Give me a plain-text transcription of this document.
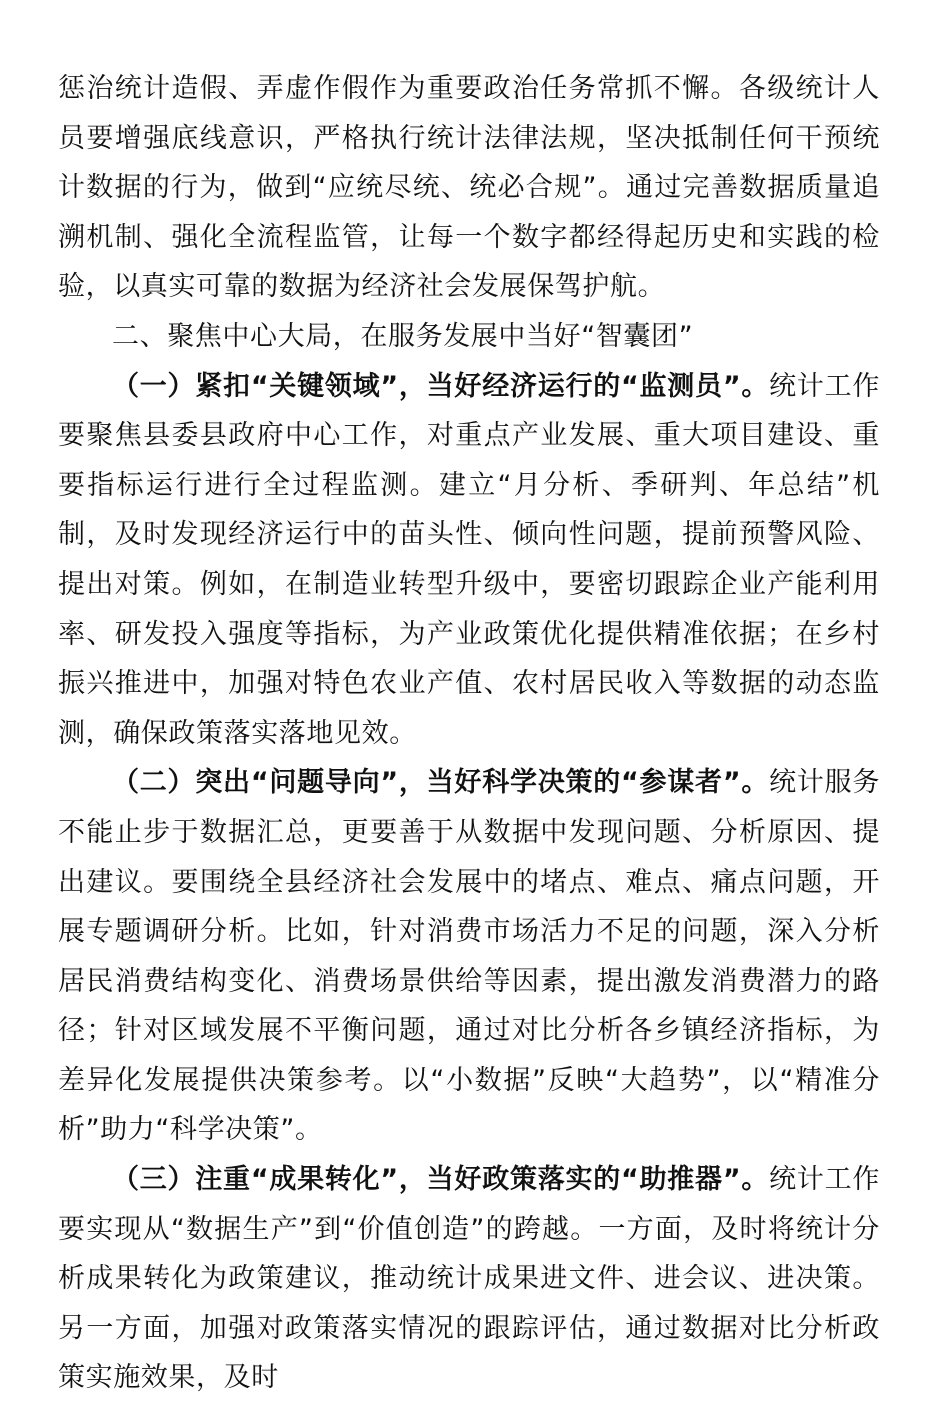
惩治统计造假、弄虚作假作为重要政治任务常抓不懈。各级统计人员要增强底线意识，严格执行统计法律法规，坚决抵制任何干预统计数据的行为，做到“应统尽统、统必合规”。通过完善数据质量追溯机制、强化全流程监管，让每一个数字都经得起历史和实践的检验，以真实可靠的数据为经济社会发展保驾护航。

二、聚焦中心大局，在服务发展中当好“智囊团”

（一）紧扣“关键领域”，当好经济运行的“监测员”。统计工作要聚焦县委县政府中心工作，对重点产业发展、重大项目建设、重要指标运行进行全过程监测。建立“月分析、季研判、年总结”机制，及时发现经济运行中的苗头性、倾向性问题，提前预警风险、提出对策。例如，在制造业转型升级中，要密切跟踪企业产能利用率、研发投入强度等指标，为产业政策优化提供精准依据；在乡村振兴推进中，加强对特色农业产值、农村居民收入等数据的动态监测，确保政策落实落地见效。

（二）突出“问题导向”，当好科学决策的“参谋者”。统计服务不能止步于数据汇总，更要善于从数据中发现问题、分析原因、提出建议。要围绕全县经济社会发展中的堵点、难点、痛点问题，开展专题调研分析。比如，针对消费市场活力不足的问题，深入分析居民消费结构变化、消费场景供给等因素，提出激发消费潜力的路径；针对区域发展不平衡问题，通过对比分析各乡镇经济指标，为差异化发展提供决策参考。以“小数据”反映“大趋势”，以“精准分析”助力“科学决策”。

（三）注重“成果转化”，当好政策落实的“助推器”。统计工作要实现从“数据生产”到“价值创造”的跨越。一方面，及时将统计分析成果转化为政策建议，推动统计成果进文件、进会议、进决策。另一方面，加强对政策落实情况的跟踪评估，通过数据对比分析政策实施效果，及时
